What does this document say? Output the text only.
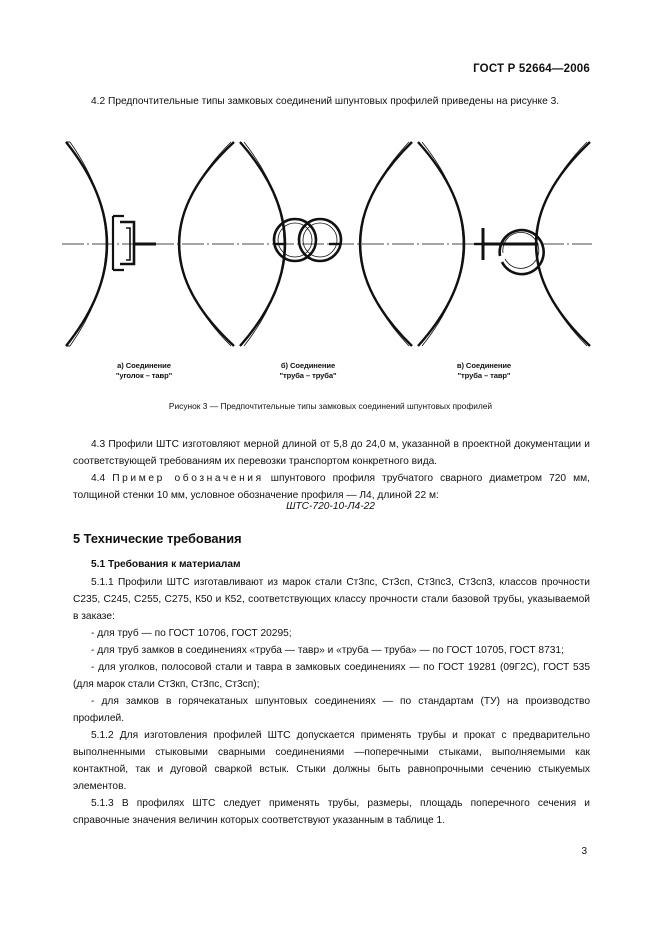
ГОСТ Р 52664—2006

4.2 Предпочтительные типы замковых соединений шпунтовых профилей приведены на рисунке 3.

а) Соединение
"уголок – тавр"
б) Соединение
"труба – труба"
в) Соединение
"труба – тавр"
Рисунок 3 — Предпочтительные типы замковых соединений шпунтовых профилей

4.3 Профили ШТС изготовляют мерной длиной от 5,8 до 24,0 м, указанной в проектной документации и соответствующей требованиям их перевозки транспортом конкретного вида.

4.4 Пример обозначения шпунтового профиля трубчатого сварного диаметром 720 мм, толщиной стенки 10 мм, условное обозначение профиля — Л4, длиной 22 м:

ШТС-720-10-Л4-22
5 Технические требования
5.1 Требования к материалам

5.1.1 Профили ШТС изготавливают из марок стали Ст3пс, Ст3сп, Ст3пс3, Ст3сп3, классов прочности С235, С245, С255, С275, К50 и К52, соответствующих классу прочности стали базовой трубы, указываемой в заказе:

- для труб — по ГОСТ 10706, ГОСТ 20295;

- для труб замков в соединениях «труба — тавр» и «труба — труба» — по ГОСТ 10705, ГОСТ 8731;

- для уголков, полосовой стали и тавра в замковых соединениях — по ГОСТ 19281 (09Г2С), ГОСТ 535 (для марок стали Ст3кп, Ст3пс, Ст3сп);

- для замков в горячекатаных шпунтовых соединениях — по стандартам (ТУ) на производство профилей.

5.1.2 Для изготовления профилей ШТС допускается применять трубы и прокат с предварительно выполненными стыковыми сварными соединениями —поперечными стыками, выполняемыми как контактной, так и дуговой сваркой встык. Стыки должны быть равнопрочными сечению стыкуемых элементов.

5.1.3 В профилях ШТС следует применять трубы, размеры, площадь поперечного сечения и справочные значения величин которых соответствуют указанным в таблице 1.

3
